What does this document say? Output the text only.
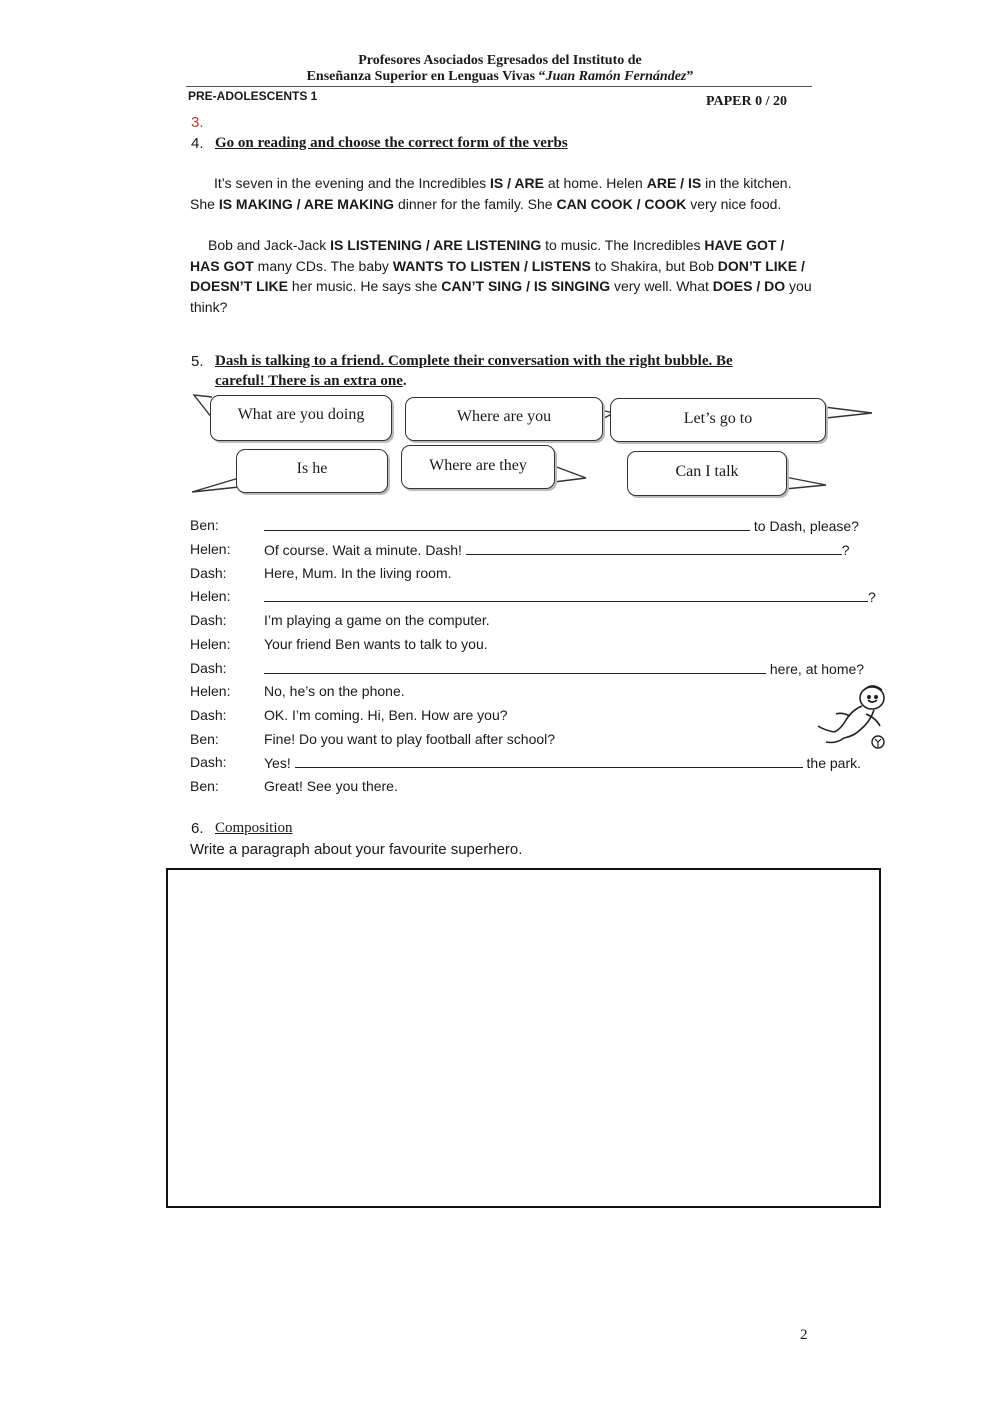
Profesores Asociados Egresados del Instituto de
Enseñanza Superior en Lenguas Vivas “Juan Ramón Fernández”
PRE-ADOLESCENTS 1	PAPER 0 / 20
3.
4. Go on reading and choose the correct form of the verbs
It’s seven in the evening and the Incredibles IS / ARE at home. Helen ARE / IS in the kitchen. She IS MAKING / ARE MAKING dinner for the family. She CAN COOK / COOK very nice food.
Bob and Jack-Jack IS LISTENING / ARE LISTENING to music. The Incredibles HAVE GOT / HAS GOT many CDs. The baby WANTS TO LISTEN / LISTENS to Shakira, but Bob DON’T LIKE / DOESN’T LIKE her music. He says she CAN’T SING / IS SINGING very well. What DOES / DO you think?
5. Dash is talking to a friend. Complete their conversation with the right bubble. Be
careful! There is an extra one.
What are you doing	Where are you	Let’s go to
Is he	Where are they	Can I talk
Ben:	to Dash, please?
Helen: Of course. Wait a minute. Dash!	?
Dash:	Here, Mum. In the living room.
Helen:	?
Dash:	I’m playing a game on the computer.
Helen: Your friend Ben wants to talk to you.
Dash:	here, at home?
Helen: No, he’s on the phone.
Dash:	OK. I’m coming. Hi, Ben. How are you?
Ben:	Fine! Do you want to play football after school?
Dash:	Yes!	the park.
Ben:	Great! See you there.
6. Composition
Write a paragraph about your favourite superhero.
2
